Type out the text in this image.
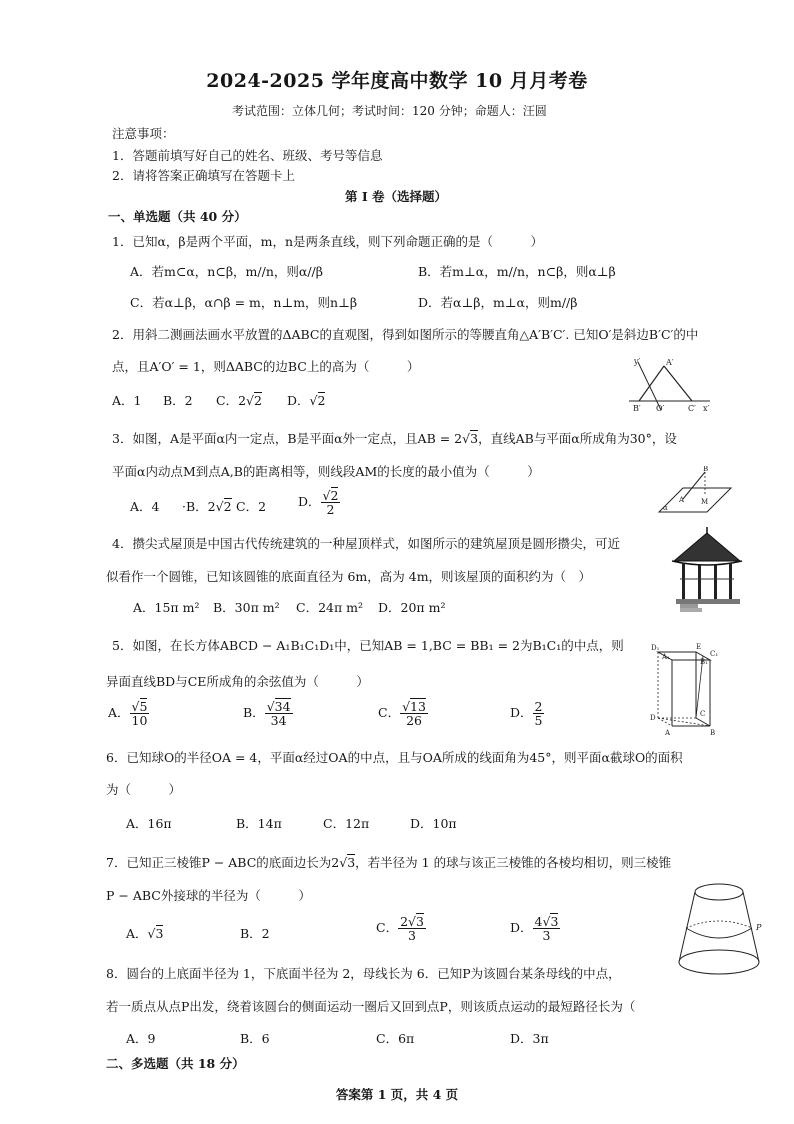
2024-2025 学年度高中数学 10 月月考卷
考试范围：立体几何；考试时间：120 分钟；命题人：汪圆
注意事项：
1．答题前填写好自己的姓名、班级、考号等信息
2．请将答案正确填写在答题卡上
第 I 卷（选择题）
一、单选题（共 40 分）
1．已知α，β是两个平面，m，n是两条直线，则下列命题正确的是（　　　）
A．若m⊂α，n⊂β，m//n，则α//β	B．若m⊥α，m//n，n⊂β，则α⊥β
C．若α⊥β，α∩β = m，n⊥m，则n⊥β	D．若α⊥β，m⊥α，则m//β
2．用斜二测画法画水平放置的ΔABC的直观图，得到如图所示的等腰直角△A′B′C′. 已知O′是斜边B′C′的中
点，且A′O′ = 1，则ΔABC的边BC上的高为（　　　）
A．1 B．2 C．2√2 D．√2
y′	A′
B′ O′	C′ x′
3．如图，A是平面α内一定点，B是平面α外一定点，且AB = 2√3，直线AB与平面α所成角为30°，设
平面α内动点M到点A,B的距离相等，则线段AM的长度的最小值为（　　　）
A．4 ·B．2√2 C．2	D． $\frac{√2}{2}$
B
A M
α
4．攒尖式屋顶是中国古代传统建筑的一种屋顶样式，如图所示的建筑屋顶是圆形攒尖，可近
似看作一个圆锥，已知该圆锥的底面直径为 6m，高为 4m，则该屋顶的面积约为（　）
A．15π m² B．30π m² C．24π m² D．20π m²
5．如图，在长方体ABCD − A₁B₁C₁D₁中，已知AB = 1,BC = BB₁ = 2为B₁C₁的中点，则
异面直线BD与CE所成角的余弦值为（　　　）
A． $\frac{√5}{10}$	B． $\frac{√34}{34}$	C． $\frac{√13}{26}$	D． $\frac{2}{5}$
D₁	E
C₁
A₁
B₁
D	C
A	B
6．已知球O的半径OA = 4，平面α经过OA的中点，且与OA所成的线面角为45°，则平面α截球O的面积
为（　　　）
A．16π	B．14π	C．12π	D．10π
7．已知正三棱锥P − ABC的底面边长为2√3，若半径为 1 的球与该正三棱锥的各棱均相切，则三棱锥
P − ABC外接球的半径为（　　　）
A．√3	B．2	C． $\frac{2√3}{3}$	D． $\frac{4√3}{3}$	P
8．圆台的上底面半径为 1，下底面半径为 2，母线长为 6．已知P为该圆台某条母线的中点，
若一质点从点P出发，绕着该圆台的侧面运动一圈后又回到点P，则该质点运动的最短路径长为（
A．9	B．6	C．6π	D．3π
二、多选题（共 18 分）
答案第 1 页，共 4 页
